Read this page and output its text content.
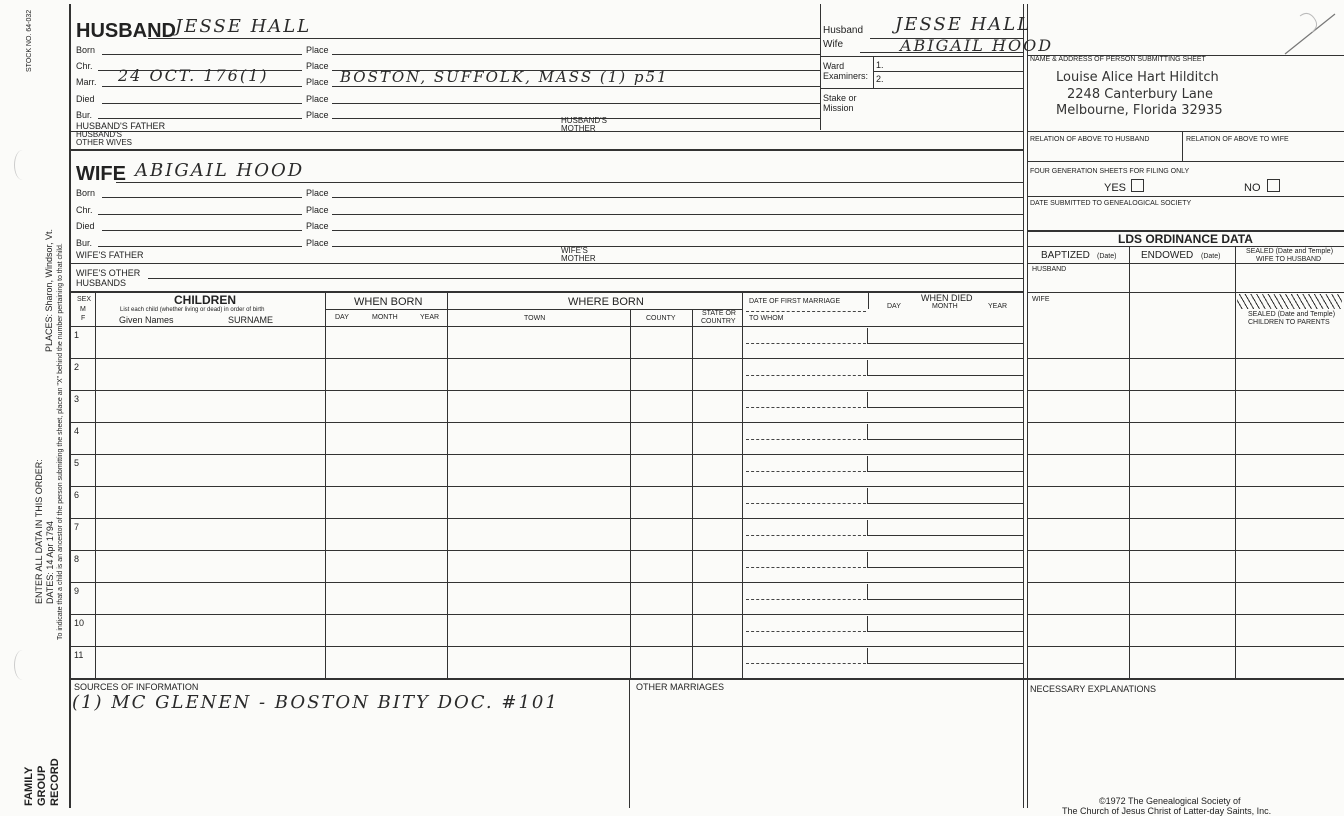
STOCK NO. 64-032
PLACES: Sharon, Windsor, Vt.
ENTER ALL DATA IN THIS ORDER: DATES: 14 Apr 1794 To indicate that a child is an ancestor of the person submitting the sheet, place an "X" behind the number pertaining to that child.
FAMILY GROUP RECORD
HUSBAND JESSE HALL
Born	Place
Chr.	Place
Marr. 24 OCT. 176(1)	Place BOSTON, SUFFOLK, MASS (1) p51
Died	Place
Bur.	Place
HUSBAND'S FATHER
HUSBAND'S
MOTHER
HUSBAND'S
OTHER WIVES
WIFE ABIGAIL HOOD
Born	Place
Chr.	Place
Died	Place
Bur.	Place
WIFE'S FATHER	WIFE'S
MOTHER
WIFE'S OTHER
HUSBANDS
Husband JESSE HALL
Wife	ABIGAIL HOOD
Ward
Examiners:
1.
2.
Stake or
Mission
NAME & ADDRESS OF PERSON SUBMITTING SHEET
Louise Alice Hart Hilditch
2248 Canterbury Lane
Melbourne, Florida 32935
RELATION OF ABOVE TO HUSBAND	RELATION OF ABOVE TO WIFE
FOUR GENERATION SHEETS FOR FILING ONLY
YES	NO
DATE SUBMITTED TO GENEALOGICAL SOCIETY
LDS ORDINANCE DATA
BAPTIZED (Date) ENDOWED (Date)
SEALED (Date and Temple)
WIFE TO HUSBAND
HUSBAND
WIFE
SEALED (Date and Temple)
CHILDREN TO PARENTS
SEX
M
F
CHILDREN
List each child (whether living or dead) in order of birth
Given Names	SURNAME
WHEN BORN
DAY	MONTH	YEAR
WHERE BORN
TOWN	COUNTY
STATE OR
COUNTRY
DATE OF FIRST MARRIAGE
TO WHOM
WHEN DIED
DAY	MONTH	YEAR
1
2
3
4
5
6
7
8
9
10
11
SOURCES OF INFORMATION
(1) MC GLENEN - BOSTON BITY DOC. #101
OTHER MARRIAGES	NECESSARY EXPLANATIONS
©1972 The Genealogical Society of
The Church of Jesus Christ of Latter-day Saints, Inc.
